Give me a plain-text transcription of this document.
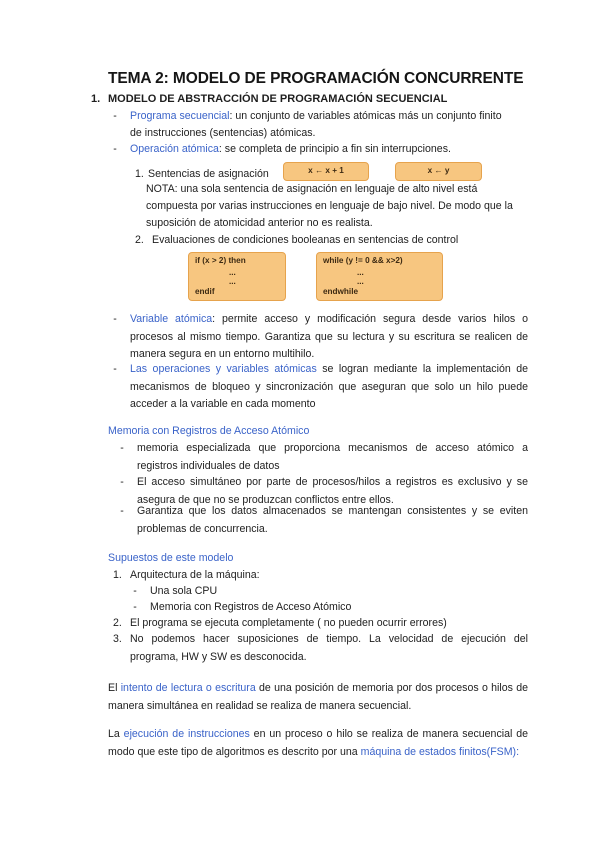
TEMA 2: MODELO DE PROGRAMACIÓN CONCURRENTE
1. MODELO DE ABSTRACCIÓN DE PROGRAMACIÓN SECUENCIAL
-	Programa secuencial: un conjunto de variables atómicas más un conjunto finito
de instrucciones (sentencias) atómicas.
-	Operación atómica: se completa de principio a fin sin interrupciones.
1. Sentencias de asignación	x ← x + 1	x ← y
NOTA: una sola sentencia de asignación en lenguaje de alto nivel está
compuesta por varias instrucciones en lenguaje de bajo nivel. De modo que la
suposición de atomicidad anterior no es realista.
2. Evaluaciones de condiciones booleanas en sentencias de control
if (x > 2) then
...
...
endif
while (y != 0 && x>2)
...
...
endwhile
-	Variable atómica: permite acceso y modificación segura desde varios hilos o procesos al mismo tiempo. Garantiza que su lectura y su escritura se realicen de manera segura en un entorno multihilo.
-	Las operaciones y variables atómicas se logran mediante la implementación de mecanismos de bloqueo y sincronización que aseguran que solo un hilo puede acceder a la variable en cada momento
Memoria con Registros de Acceso Atómico
-	memoria especializada que proporciona mecanismos de acceso atómico a registros individuales de datos
-	El acceso simultáneo por parte de procesos/hilos a registros es exclusivo y se asegura de que no se produzcan conflictos entre ellos.
-	Garantiza que los datos almacenados se mantengan consistentes y se eviten problemas de concurrencia.
Supuestos de este modelo
1. Arquitectura de la máquina:
-	Una sola CPU
-	Memoria con Registros de Acceso Atómico
2. El programa se ejecuta completamente ( no pueden ocurrir errores)
3. No podemos hacer suposiciones de tiempo. La velocidad de ejecución del programa, HW y SW es desconocida.
El intento de lectura o escritura de una posición de memoria por dos procesos o hilos de manera simultánea en realidad se realiza de manera secuencial.
La ejecución de instrucciones en un proceso o hilo se realiza de manera secuencial de modo que este tipo de algoritmos es descrito por una máquina de estados finitos(FSM):
